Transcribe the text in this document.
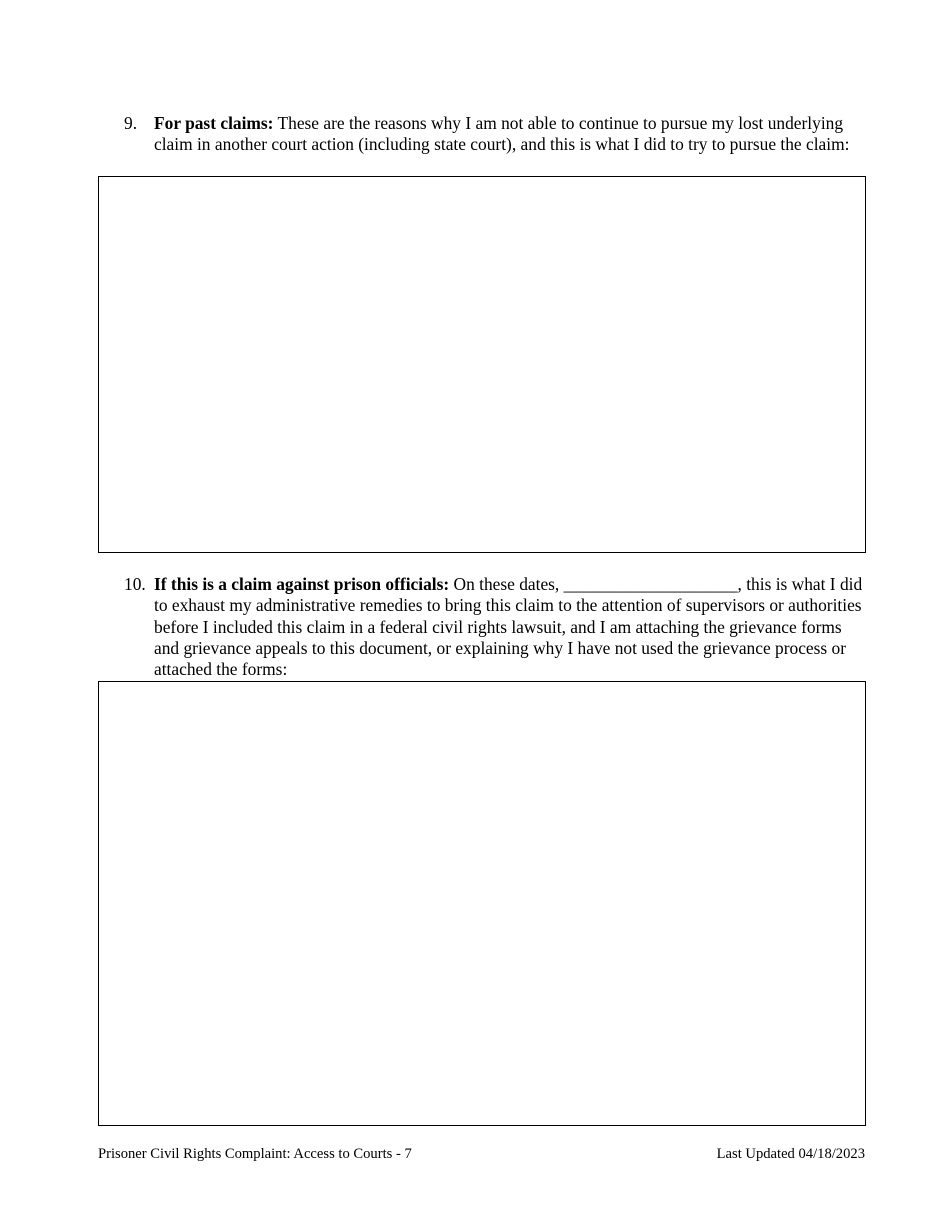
9. For past claims: These are the reasons why I am not able to continue to pursue my lost underlying claim in another court action (including state court), and this is what I did to try to pursue the claim:
10. If this is a claim against prison officials: On these dates, ____________________, this is what I did to exhaust my administrative remedies to bring this claim to the attention of supervisors or authorities before I included this claim in a federal civil rights lawsuit, and I am attaching the grievance forms and grievance appeals to this document, or explaining why I have not used the grievance process or attached the forms:
Prisoner Civil Rights Complaint: Access to Courts - 7	Last Updated 04/18/2023
